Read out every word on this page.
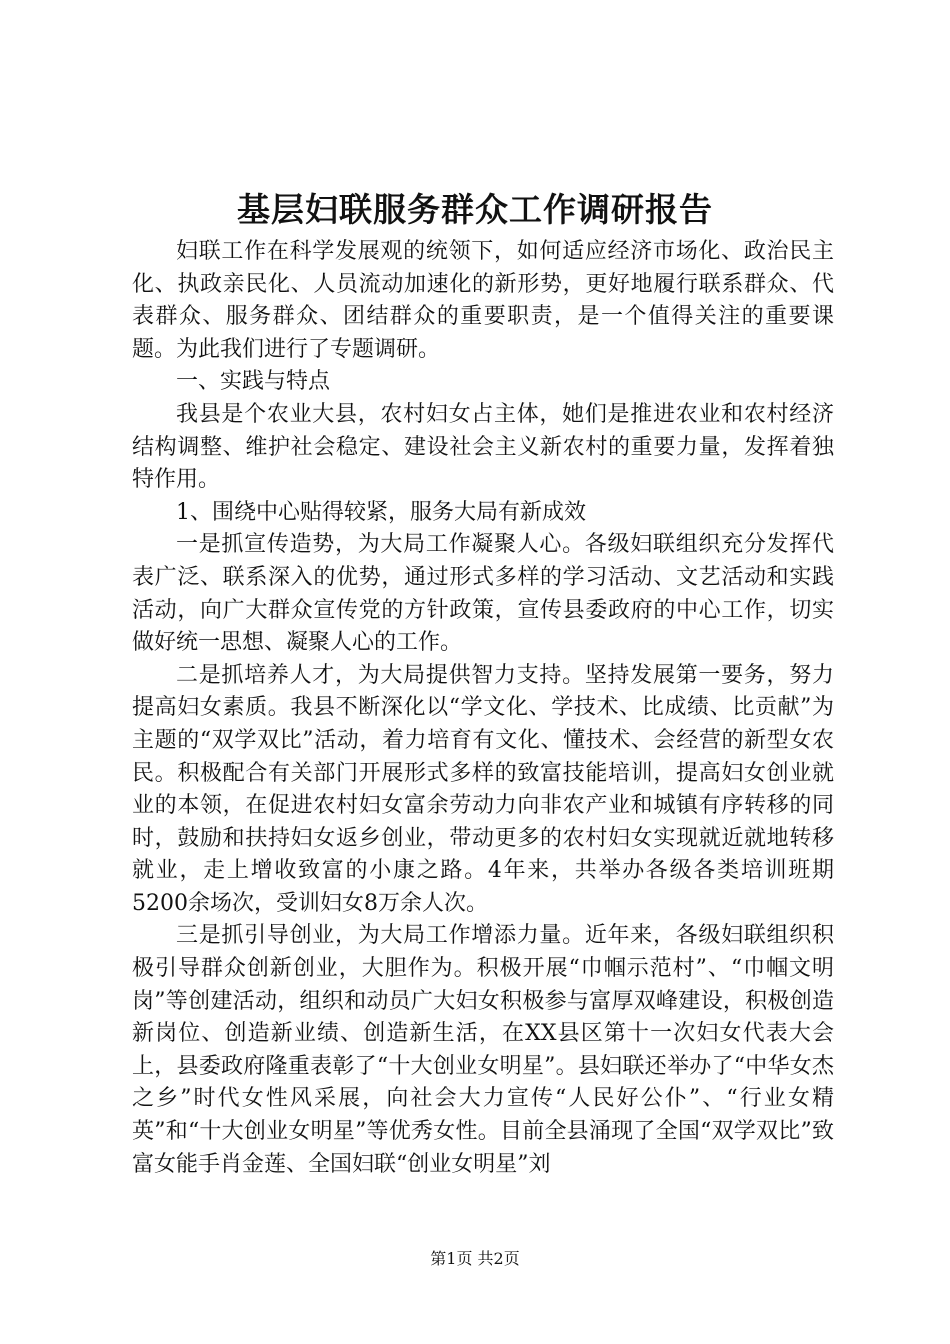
基层妇联服务群众工作调研报告

妇联工作在科学发展观的统领下，如何适应经济市场化、政治民主化、执政亲民化、人员流动加速化的新形势，更好地履行联系群众、代表群众、服务群众、团结群众的重要职责，是一个值得关注的重要课题。为此我们进行了专题调研。

一、实践与特点

我县是个农业大县，农村妇女占主体，她们是推进农业和农村经济结构调整、维护社会稳定、建设社会主义新农村的重要力量，发挥着独特作用。

1、围绕中心贴得较紧，服务大局有新成效

一是抓宣传造势，为大局工作凝聚人心。各级妇联组织充分发挥代表广泛、联系深入的优势，通过形式多样的学习活动、文艺活动和实践活动，向广大群众宣传党的方针政策，宣传县委政府的中心工作，切实做好统一思想、凝聚人心的工作。

二是抓培养人才，为大局提供智力支持。坚持发展第一要务，努力提高妇女素质。我县不断深化以“学文化、学技术、比成绩、比贡献”为主题的“双学双比”活动，着力培育有文化、懂技术、会经营的新型女农民。积极配合有关部门开展形式多样的致富技能培训，提高妇女创业就业的本领，在促进农村妇女富余劳动力向非农产业和城镇有序转移的同时，鼓励和扶持妇女返乡创业，带动更多的农村妇女实现就近就地转移就业，走上增收致富的小康之路。4年来，共举办各级各类培训班期5200余场次，受训妇女8万余人次。

三是抓引导创业，为大局工作增添力量。近年来，各级妇联组织积极引导群众创新创业，大胆作为。积极开展“巾帼示范村”、“巾帼文明岗”等创建活动，组织和动员广大妇女积极参与富厚双峰建设，积极创造新岗位、创造新业绩、创造新生活，在XX县区第十一次妇女代表大会上，县委政府隆重表彰了“十大创业女明星”。县妇联还举办了“中华女杰之乡”时代女性风采展，向社会大力宣传“人民好公仆”、“行业女精英”和“十大创业女明星”等优秀女性。目前全县涌现了全国“双学双比”致富女能手肖金莲、全国妇联“创业女明星”刘

第1页 共2页
